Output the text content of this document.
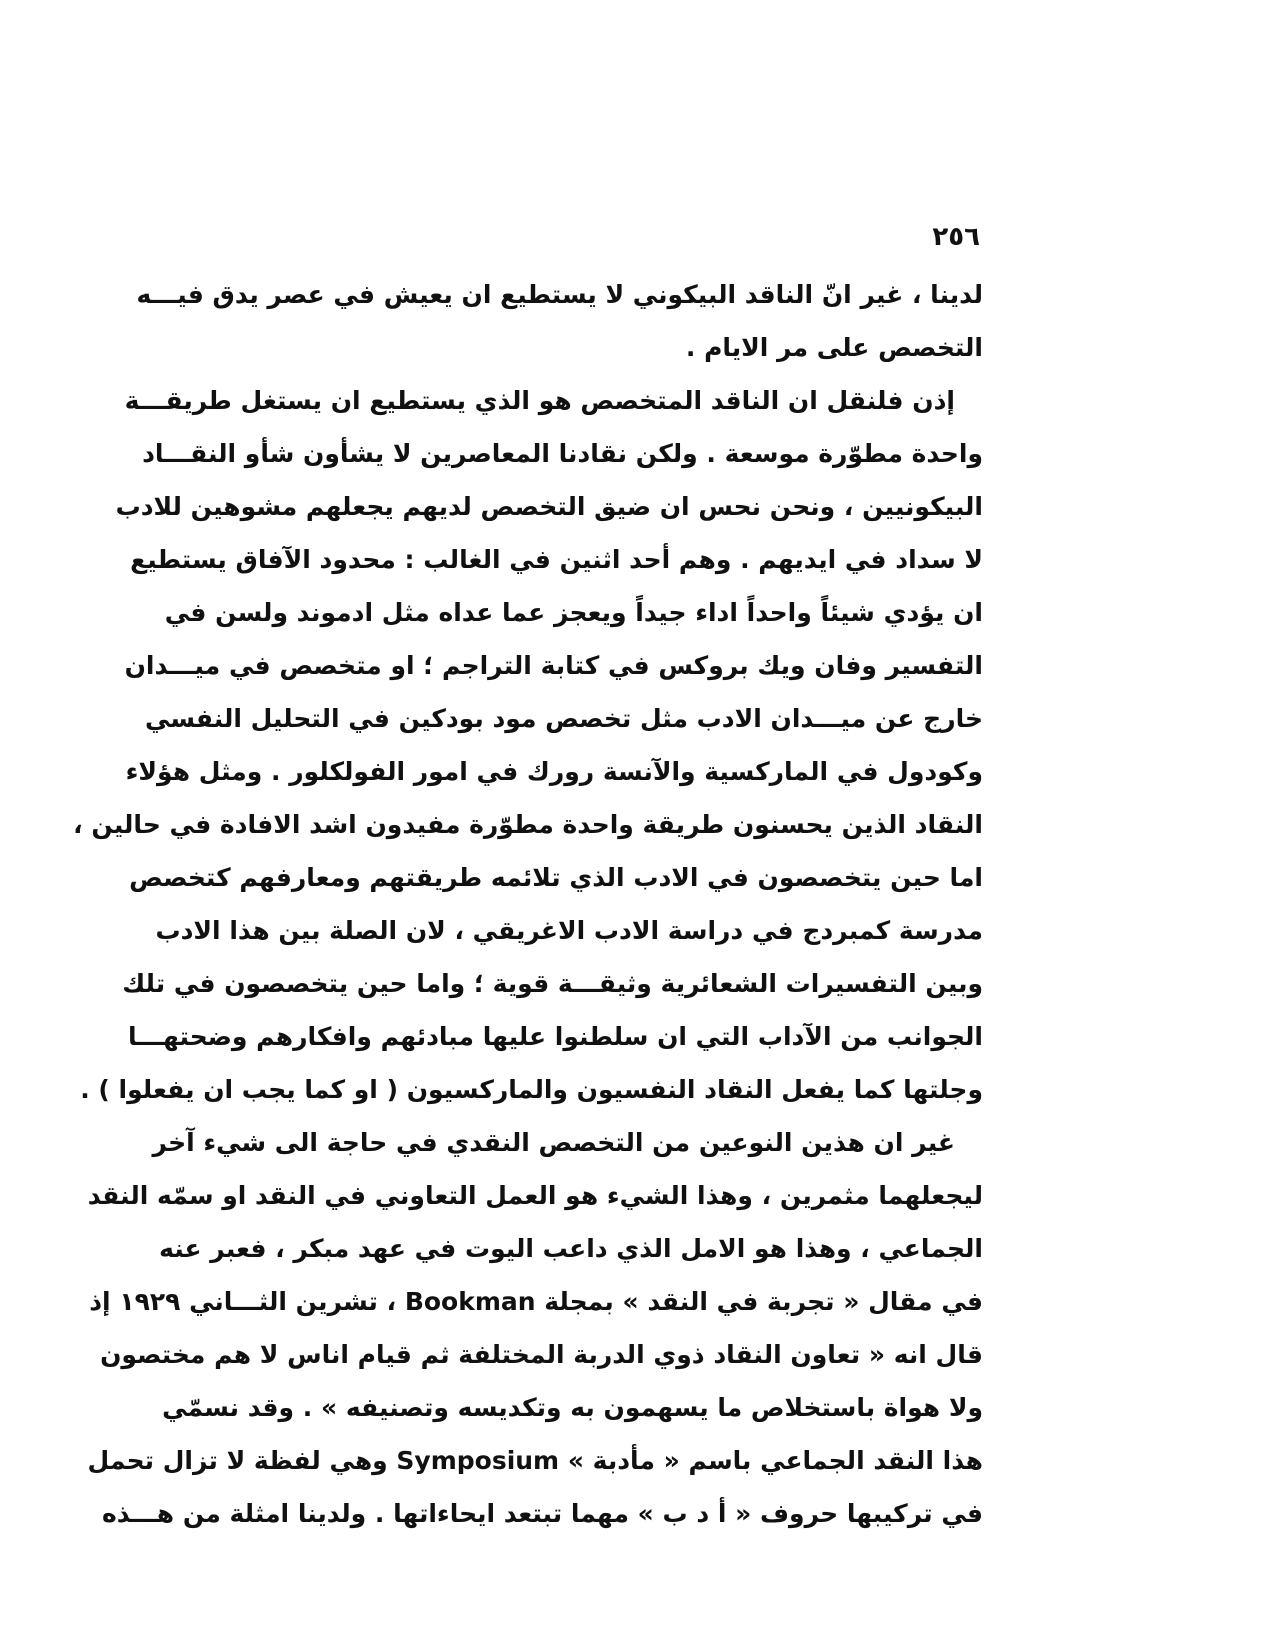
٢٥٦
لدينا ، غير انّ الناقد البيكوني لا يستطيع ان يعيش في عصر يدق فيـــه
التخصص على مر الايام .
إذن فلنقل ان الناقد المتخصص هو الذي يستطيع ان يستغل طريقـــة
واحدة مطوّرة موسعة . ولكن نقادنا المعاصرين لا يشأون شأو النقـــاد
البيكونيين ، ونحن نحس ان ضيق التخصص لديهم يجعلهم مشوهين للادب
لا سداد في ايديهم . وهم أحد اثنين في الغالب : محدود الآفاق يستطيع
ان يؤدي شيئاً واحداً اداء جيداً ويعجز عما عداه مثل ادموند ولسن في
التفسير وفان ويك بروكس في كتابة التراجم ؛ او متخصص في ميـــدان
خارج عن ميـــدان الادب مثل تخصص مود بودكين في التحليل النفسي
وكودول في الماركسية والآنسة رورك في امور الفولكلور . ومثل هؤلاء
النقاد الذين يحسنون طريقة واحدة مطوّرة مفيدون اشد الافادة في حالين ،
اما حين يتخصصون في الادب الذي تلائمه طريقتهم ومعارفهم كتخصص
مدرسة كمبردج في دراسة الادب الاغريقي ، لان الصلة بين هذا الادب
وبين التفسيرات الشعائرية وثيقـــة قوية ؛ واما حين يتخصصون في تلك
الجوانب من الآداب التي ان سلطنوا عليها مبادئهم وافكارهم وضحتهـــا
وجلتها كما يفعل النقاد النفسيون والماركسيون ( او كما يجب ان يفعلوا ) .
غير ان هذين النوعين من التخصص النقدي في حاجة الى شيء آخر
ليجعلهما مثمرين ، وهذا الشيء هو العمل التعاوني في النقد او سمّه النقد
الجماعي ، وهذا هو الامل الذي داعب اليوت في عهد مبكر ، فعبر عنه
في مقال « تجربة في النقد » بمجلة Bookman ، تشرين الثـــاني ١٩٢٩ إذ
قال انه « تعاون النقاد ذوي الدربة المختلفة ثم قيام اناس لا هم مختصون
ولا هواة باستخلاص ما يسهمون به وتكديسه وتصنيفه » . وقد نسمّي
هذا النقد الجماعي باسم « مأدبة » Symposium وهي لفظة لا تزال تحمل
في تركيبها حروف « أ د ب » مهما تبتعد ايحاءاتها . ولدينا امثلة من هـــذه
